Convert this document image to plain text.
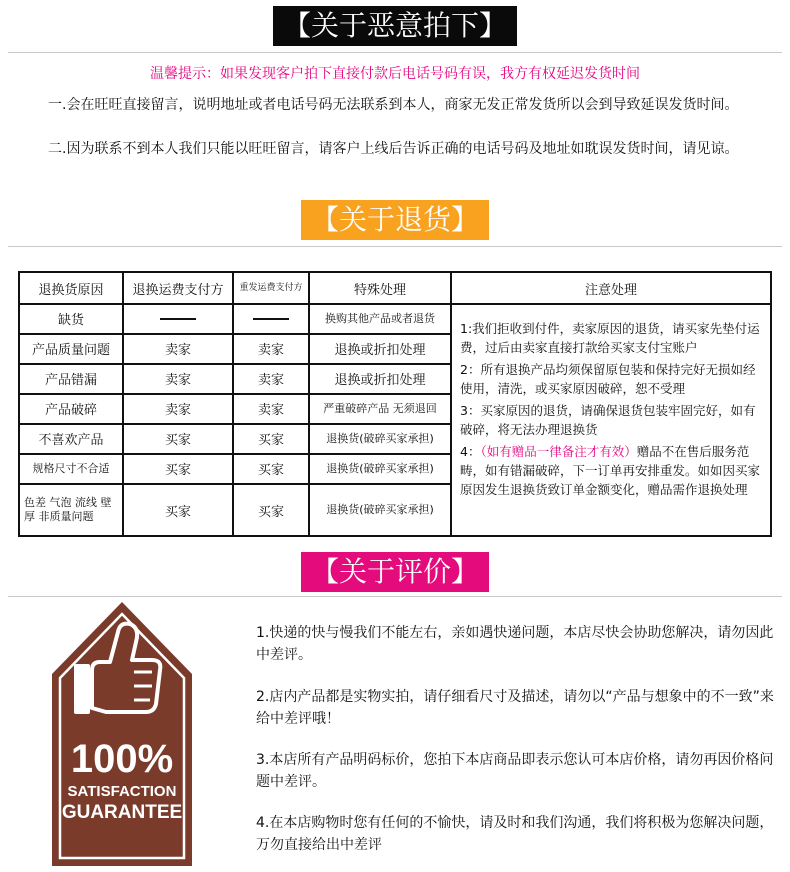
【关于恶意拍下】
温馨提示：如果发现客户拍下直接付款后电话号码有误，我方有权延迟发货时间
一.会在旺旺直接留言，说明地址或者电话号码无法联系到本人，商家无发正常发货所以会到导致延误发货时间。
二.因为联系不到本人我们只能以旺旺留言，请客户上线后告诉正确的电话号码及地址如耽误发货时间，请见谅。
【关于退货】
退换货原因	退换运费支付方	重发运费支付方	特殊处理	注意处理
缺货			换购其他产品或者退货	1:我们拒收到付件，卖家原因的退货，请买家先垫付运费，过后由卖家直接打款给买家支付宝账户

2：所有退换产品均须保留原包装和保持完好无损如经使用，清洗，或买家原因破碎，恕不受理

3：买家原因的退货，请确保退货包装牢固完好，如有破碎，将无法办理退换货

4：（如有赠品一律备注才有效）赠品不在售后服务范畴，如有错漏破碎，下一订单再安排重发。如如因买家原因发生退换货致订单金额变化，赠品需作退换处理

产品质量问题	卖家	卖家	退换或折扣处理	
产品错漏	卖家	卖家	退换或折扣处理	
产品破碎	卖家	卖家	严重破碎产品 无须退回	
不喜欢产品	买家	买家	退换货(破碎买家承担)	
规格尺寸不合适	买家	买家	退换货(破碎买家承担)	
色差 气泡 流线 壁厚 非质量问题	买家	买家	退换货(破碎买家承担)	
【关于评价】
100%
SATISFACTION
GUARANTEE
1.快递的快与慢我们不能左右，亲如遇快递问题，本店尽快会协助您解决，请勿因此中差评。
2.店内产品都是实物实拍，请仔细看尺寸及描述，请勿以“产品与想象中的不一致”来给中差评哦！
3.本店所有产品明码标价，您拍下本店商品即表示您认可本店价格，请勿再因价格问题中差评。
4.在本店购物时您有任何的不愉快，请及时和我们沟通，我们将积极为您解决问题，万勿直接给出中差评
